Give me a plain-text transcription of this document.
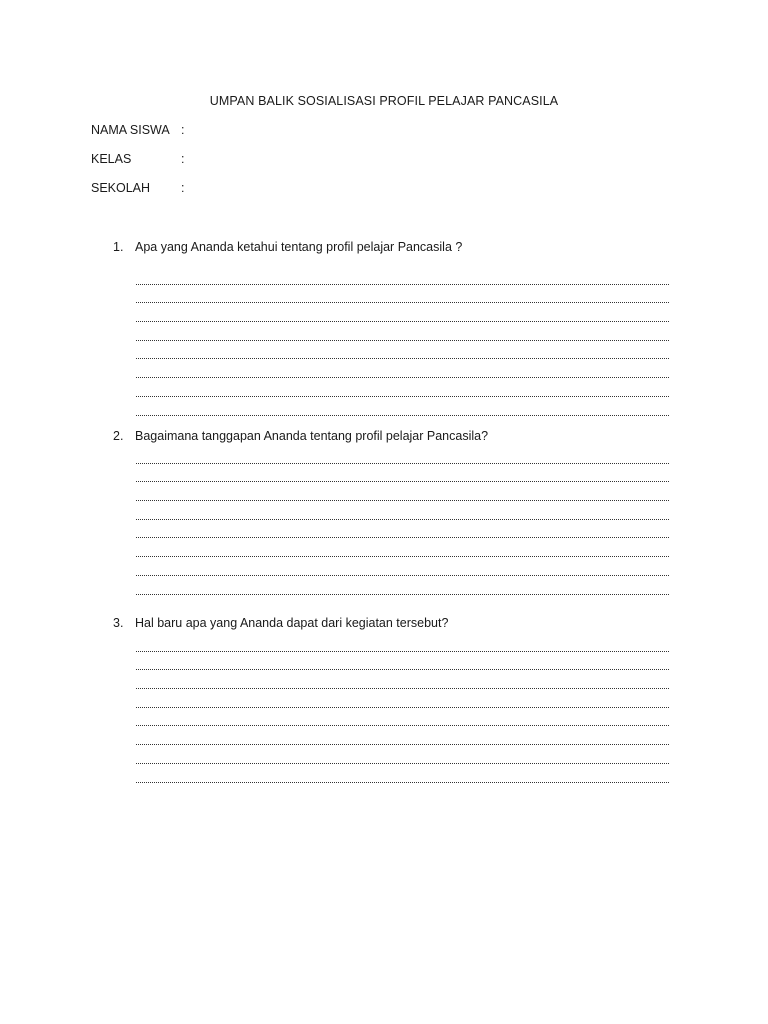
UMPAN BALIK SOSIALISASI PROFIL PELAJAR PANCASILA
NAMA SISWA :
KELAS	:
SEKOLAH :
1. Apa yang Ananda ketahui tentang profil pelajar Pancasila ?
2. Bagaimana tanggapan Ananda tentang profil pelajar Pancasila?
3. Hal baru apa yang Ananda dapat dari kegiatan tersebut?
